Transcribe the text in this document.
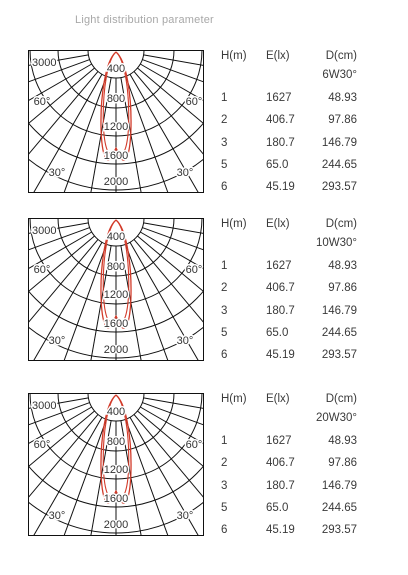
Light distribution parameter
400
800
1200
1600
2000
3000
60°	60°
30°	30°
H(m) E(lx)	D(cm)
6W30°
1	1627	48.93
2	406.7	97.86
3	180.7 146.79
5	65.0	244.65
6	45.19 293.57
400
800
1200
1600
2000
3000
60°	60°
30°	30°
H(m) E(lx)	D(cm)
10W30°
1	1627	48.93
2	406.7	97.86
3	180.7 146.79
5	65.0	244.65
6	45.19 293.57
400
800
1200
1600
2000
3000
60°	60°
30°	30°
H(m) E(lx)	D(cm)
20W30°
1	1627	48.93
2	406.7	97.86
3	180.7 146.79
5	65.0	244.65
6	45.19 293.57
